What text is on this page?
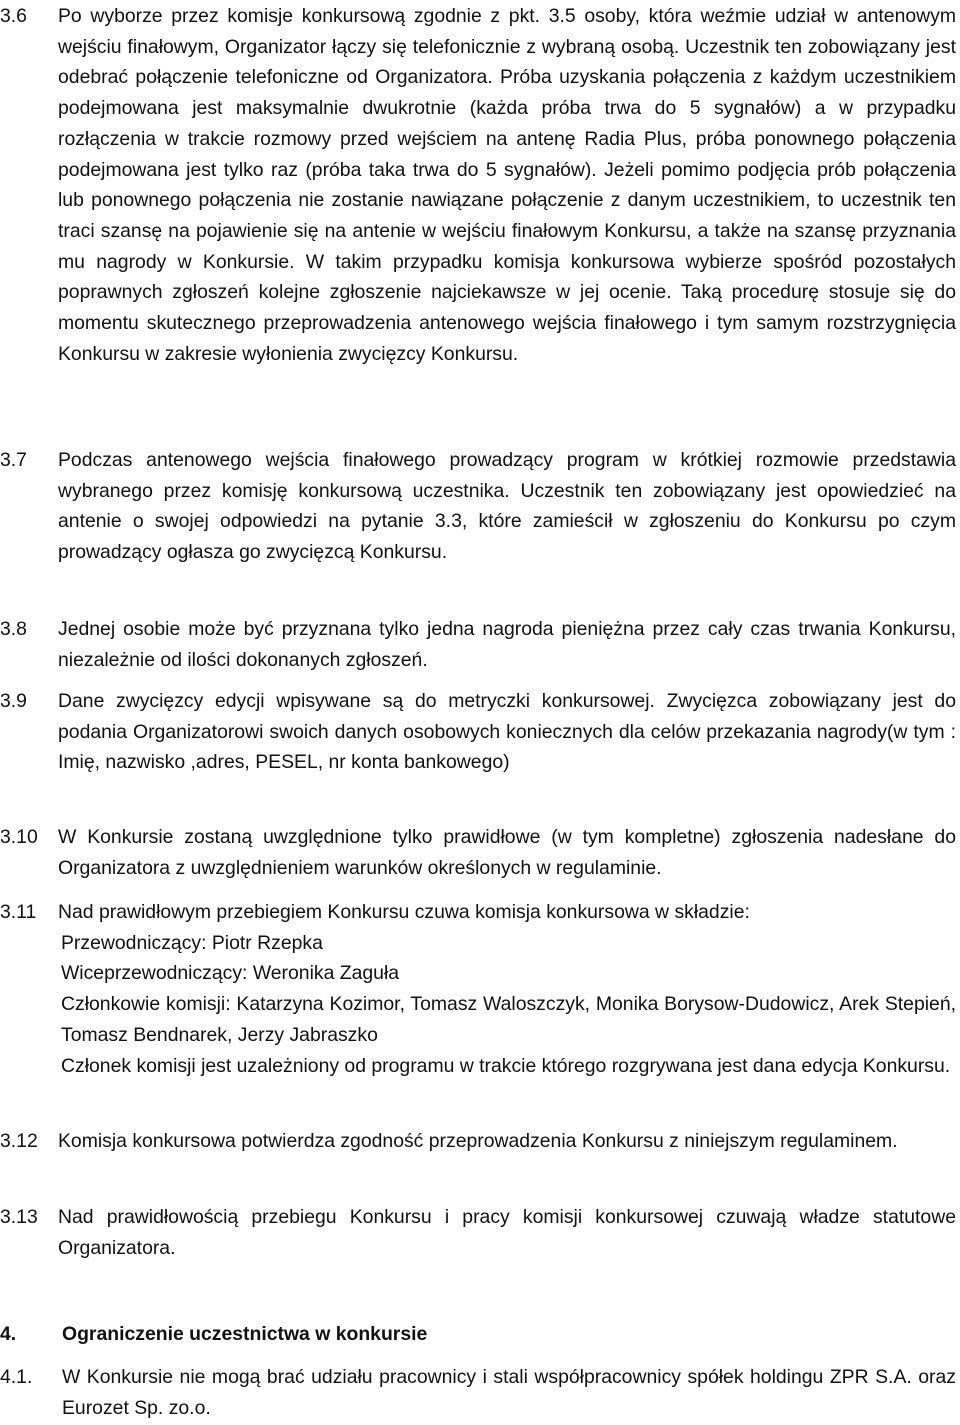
3.6 Po wyborze przez komisje konkursową zgodnie z pkt. 3.5 osoby, która weźmie udział w antenowym wejściu finałowym, Organizator łączy się telefonicznie z wybraną osobą. Uczestnik ten zobowiązany jest odebrać połączenie telefoniczne od Organizatora. Próba uzyskania połączenia z każdym uczestnikiem podejmowana jest maksymalnie dwukrotnie (każda próba trwa do 5 sygnałów) a w przypadku rozłączenia w trakcie rozmowy przed wejściem na antenę Radia Plus, próba ponownego połączenia podejmowana jest tylko raz (próba taka trwa do 5 sygnałów). Jeżeli pomimo podjęcia prób połączenia lub ponownego połączenia nie zostanie nawiązane połączenie z danym uczestnikiem, to uczestnik ten traci szansę na pojawienie się na antenie w wejściu finałowym Konkursu, a także na szansę przyznania mu nagrody w Konkursie. W takim przypadku komisja konkursowa wybierze spośród pozostałych poprawnych zgłoszeń kolejne zgłoszenie najciekawsze w jej ocenie. Taką procedurę stosuje się do momentu skutecznego przeprowadzenia antenowego wejścia finałowego i tym samym rozstrzygnięcia Konkursu w zakresie wyłonienia zwycięzcy Konkursu.
3.7 Podczas antenowego wejścia finałowego prowadzący program w krótkiej rozmowie przedstawia wybranego przez komisję konkursową uczestnika. Uczestnik ten zobowiązany jest opowiedzieć na antenie o swojej odpowiedzi na pytanie 3.3, które zamieścił w zgłoszeniu do Konkursu po czym prowadzący ogłasza go zwycięzcą Konkursu.
3.8 Jednej osobie może być przyznana tylko jedna nagroda pieniężna przez cały czas trwania Konkursu, niezależnie od ilości dokonanych zgłoszeń.
3.9 Dane zwycięzcy edycji wpisywane są do metryczki konkursowej. Zwycięzca zobowiązany jest do podania Organizatorowi swoich danych osobowych koniecznych dla celów przekazania nagrody(w tym : Imię, nazwisko ,adres, PESEL, nr konta bankowego)
3.10 W Konkursie zostaną uwzględnione tylko prawidłowe (w tym kompletne) zgłoszenia nadesłane do Organizatora z uwzględnieniem warunków określonych w regulaminie.
3.11 Nad prawidłowym przebiegiem Konkursu czuwa komisja konkursowa w składzie:
Przewodniczący: Piotr Rzepka
Wiceprzewodniczący: Weronika Zaguła
Członkowie komisji: Katarzyna Kozimor, Tomasz Waloszczyk, Monika Borysow-Dudowicz, Arek Stepień, Tomasz Bendnarek, Jerzy Jabraszko
Członek komisji jest uzależniony od programu w trakcie którego rozgrywana jest dana edycja Konkursu.
3.12 Komisja konkursowa potwierdza zgodność przeprowadzenia Konkursu z niniejszym regulaminem.
3.13 Nad prawidłowością przebiegu Konkursu i pracy komisji konkursowej czuwają władze statutowe Organizatora.
4. Ograniczenie uczestnictwa w konkursie
4.1. W Konkursie nie mogą brać udziału pracownicy i stali współpracownicy spółek holdingu ZPR S.A. oraz Eurozet Sp. zo.o.
